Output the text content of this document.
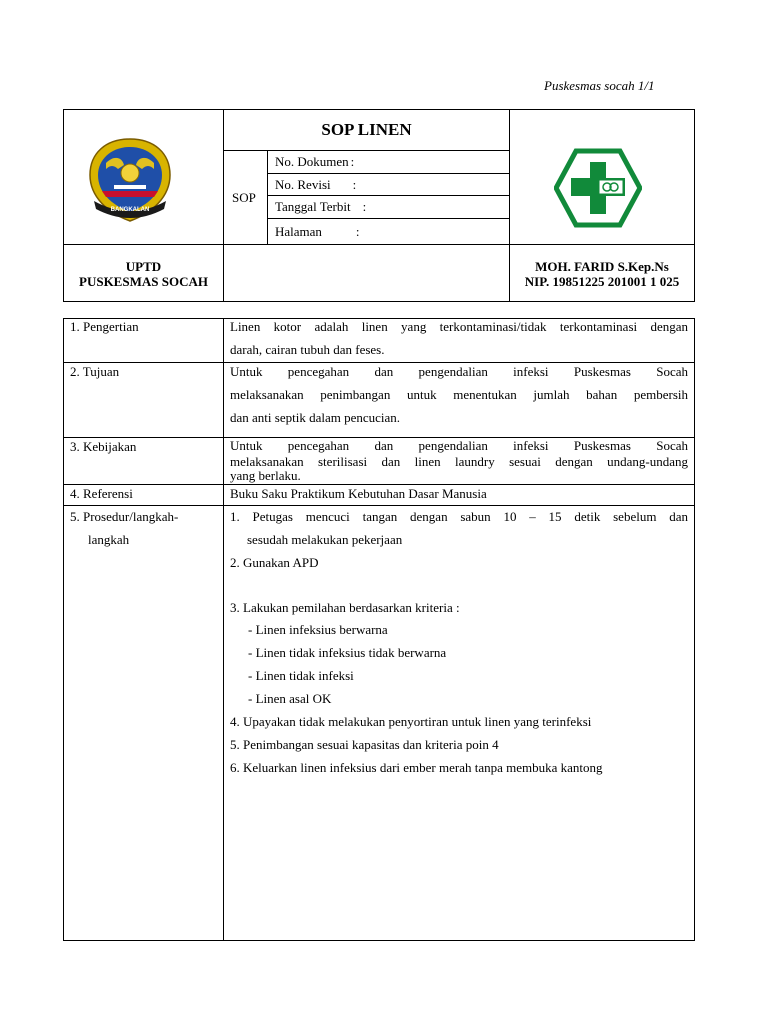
Puskesmas socah 1/1
BANGKALAN
SOP LINEN
SOP
No. Dokumen :
No. Revisi :
Tanggal Terbit :
Halaman	:
UPTD
PUSKESMAS SOCAH
MOH. FARID S.Kep.Ns
NIP. 19851225 201001 1 025
1. Pengertian	Linen kotor adalah linen yang terkontaminasi/tidak terkontaminasi dengan
darah, cairan tubuh dan feses.
2. Tujuan	Untuk pencegahan dan pengendalian infeksi Puskesmas Socah
melaksanakan penimbangan untuk menentukan jumlah bahan pembersih
dan anti septik dalam pencucian.
3. Kebijakan	Untuk pencegahan dan pengendalian infeksi Puskesmas Socah
melaksanakan sterilisasi dan linen laundry sesuai dengan undang-undang
yang berlaku.
4. Referensi	Buku Saku Praktikum Kebutuhan Dasar Manusia
5. Prosedur/langkah-
langkah
1. Petugas mencuci tangan dengan sabun 10 – 15 detik sebelum dan
sesudah melakukan pekerjaan
2. Gunakan APD
3. Lakukan pemilahan berdasarkan kriteria :
- Linen infeksius berwarna
- Linen tidak infeksius tidak berwarna
- Linen tidak infeksi
- Linen asal OK
4. Upayakan tidak melakukan penyortiran untuk linen yang terinfeksi
5. Penimbangan sesuai kapasitas dan kriteria poin 4
6. Keluarkan linen infeksius dari ember merah tanpa membuka kantong
